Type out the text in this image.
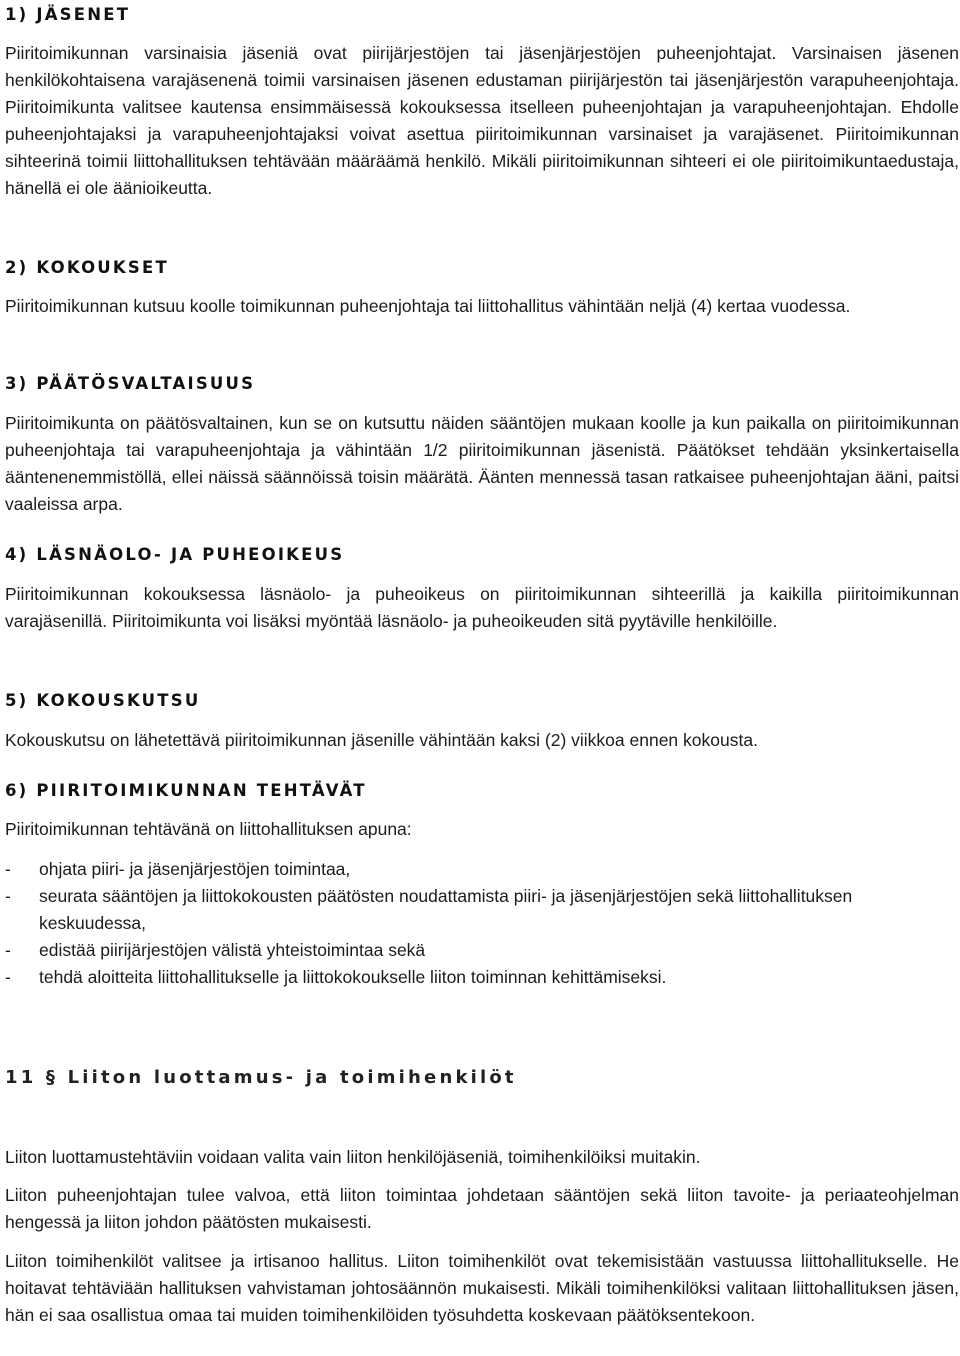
1) JÄSENET

Piiritoimikunnan varsinaisia jäseniä ovat piirijärjestöjen tai jäsenjärjestöjen puheenjohtajat. Varsinaisen jäsenen henkilökohtaisena varajäsenenä toimii varsinaisen jäsenen edustaman piirijärjestön tai jäsenjärjestön varapuheenjohtaja. Piiritoimikunta valitsee kautensa ensimmäisessä kokouksessa itselleen puheenjohtajan ja varapuheenjohtajan. Ehdolle puheenjohtajaksi ja varapuheenjohtajaksi voivat asettua piiritoimikunnan varsinaiset ja varajäsenet. Piiritoimikunnan sihteerinä toimii liittohallituksen tehtävään määräämä henkilö. Mikäli piiritoimikunnan sihteeri ei ole piiritoimikuntaedustaja, hänellä ei ole äänioikeutta.

2) KOKOUKSET

Piiritoimikunnan kutsuu koolle toimikunnan puheenjohtaja tai liittohallitus vähintään neljä (4) kertaa vuodessa.

3) PÄÄTÖSVALTAISUUS

Piiritoimikunta on päätösvaltainen, kun se on kutsuttu näiden sääntöjen mukaan koolle ja kun paikalla on piiritoimikunnan puheenjohtaja tai varapuheenjohtaja ja vähintään 1/2 piiritoimikunnan jäsenistä. Päätökset tehdään yksinkertaisella ääntenenemmistöllä, ellei näissä säännöissä toisin määrätä. Äänten mennessä tasan ratkaisee puheenjohtajan ääni, paitsi vaaleissa arpa.

4) LÄSNÄOLO- JA PUHEOIKEUS

Piiritoimikunnan kokouksessa läsnäolo- ja puheoikeus on piiritoimikunnan sihteerillä ja kaikilla piiritoimikunnan varajäsenillä. Piiritoimikunta voi lisäksi myöntää läsnäolo- ja puheoikeuden sitä pyytäville henkilöille.

5) KOKOUSKUTSU

Kokouskutsu on lähetettävä piiritoimikunnan jäsenille vähintään kaksi (2) viikkoa ennen kokousta.

6) PIIRITOIMIKUNNAN TEHTÄVÄT

Piiritoimikunnan tehtävänä on liittohallituksen apuna:

- ohjata piiri- ja jäsenjärjestöjen toimintaa,
- seurata sääntöjen ja liittokokousten päätösten noudattamista piiri- ja jäsenjärjestöjen sekä liittohallituksen keskuudessa,
- edistää piirijärjestöjen välistä yhteistoimintaa sekä
- tehdä aloitteita liittohallitukselle ja liittokokoukselle liiton toiminnan kehittämiseksi.
11 § Liiton luottamus- ja toimihenkilöt

Liiton luottamustehtäviin voidaan valita vain liiton henkilöjäseniä, toimihenkilöiksi muitakin.

Liiton puheenjohtajan tulee valvoa, että liiton toimintaa johdetaan sääntöjen sekä liiton tavoite- ja periaateohjelman hengessä ja liiton johdon päätösten mukaisesti.

Liiton toimihenkilöt valitsee ja irtisanoo hallitus. Liiton toimihenkilöt ovat tekemisistään vastuussa liittohallitukselle. He hoitavat tehtäviään hallituksen vahvistaman johtosäännön mukaisesti. Mikäli toimihenkilöksi valitaan liittohallituksen jäsen, hän ei saa osallistua omaa tai muiden toimihenkilöiden työsuhdetta koskevaan päätöksentekoon.
